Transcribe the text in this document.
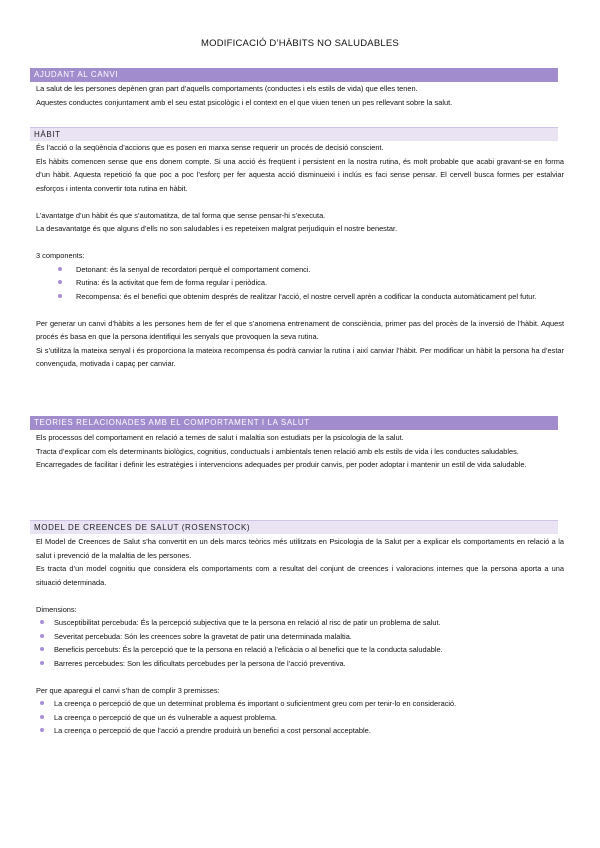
MODIFICACIÓ D’HÀBITS NO SALUDABLES
AJUDANT AL CANVI

La salut de les persones depènen gran part d’aquells comportaments (conductes i els estils de vida) que elles tenen.

Aquestes conductes conjuntament amb el seu estat psicològic i el context en el que viuen tenen un pes rellevant sobre la salut.

HÀBIT

És l’acció o la seqüència d’accions que es posen en marxa sense requerir un procés de decisió conscient.

Els hàbits comencen sense que ens donem compte. Si una acció és freqüent i persistent en la nostra rutina, és molt probable que acabi gravant-se en forma d’un hàbit. Aquesta repetició fa que poc a poc l’esforç per fer aquesta acció disminueixi i inclús es faci sense pensar. El cervell busca formes per estalviar esforços i intenta convertir tota rutina en hàbit.

L’avantatge d’un hàbit és que s’automatitza, de tal forma que sense pensar-hi s’executa.

La desavantatge és que alguns d’ells no son saludables i es repeteixen malgrat perjudiquin el nostre benestar.

3 components:

Detonant: és la senyal de recordatori perquè el comportament comenci.
Rutina: és la activitat que fem de forma regular i periòdica.
Recompensa: és el benefici que obtenim després de realitzar l’acció, el nostre cervell aprèn a codificar la conducta automàticament pel futur.

Per generar un canvi d’hàbits a les persones hem de fer el que s’anomena entrenament de consciència, primer pas del procès de la inversió de l’hàbit. Aquest procés és basa en que la persona identifiqui les senyals que provoquen la seva rutina.

Si s’utilitza la mateixa senyal i és proporciona la mateixa recompensa és podrà canviar la rutina i així canviar l’hàbit. Per modificar un hàbit la persona ha d’estar convençuda, motivada i capaç per canviar.

TEORIES RELACIONADES AMB EL COMPORTAMENT I LA SALUT

Els processos del comportament en relació a temes de salut i malaltia son estudiats per la psicologia de la salut.

Tracta d’explicar com els determinants biològics, cognitius, conductuals i ambientals tenen relació amb els estils de vida i les conductes saludables.

Encarregades de facilitar i definir les estratègies i intervencions adequades per produir canvis, per poder adoptar i mantenir un estil de vida saludable.

MODEL DE CREENCES DE SALUT (ROSENSTOCK)

El Model de Creences de Salut s’ha convertit en un dels marcs teòrics més utilitzats en Psicologia de la Salut per a explicar els comportaments en relació a la salut i prevenció de la malaltia de les persones.

Es tracta d’un model cognitiu que considera els comportaments com a resultat del conjunt de creences i valoracions internes que la persona aporta a una situació determinada.

Dimensions:

Susceptibilitat percebuda: És la percepció subjectiva que te la persona en relació al risc de patir un problema de salut.
Severitat percebuda: Són les creences sobre la gravetat de patir una determinada malaltia.
Beneficis percebuts: És la percepció que te la persona en relació a l’eficàcia o al benefici que te la conducta saludable.
Barreres percebudes: Son les dificultats percebudes per la persona de l’acció preventiva.

Per que aparegui el canvi s’han de complir 3 premisses:

La creença o percepció de que un determinat problema és important o suficientment greu com per tenir-lo en consideració.
La creença o percepció de que un és vulnerable a aquest problema.
La creença o percepció de que l’acció a prendre produirà un benefici a cost personal acceptable.
